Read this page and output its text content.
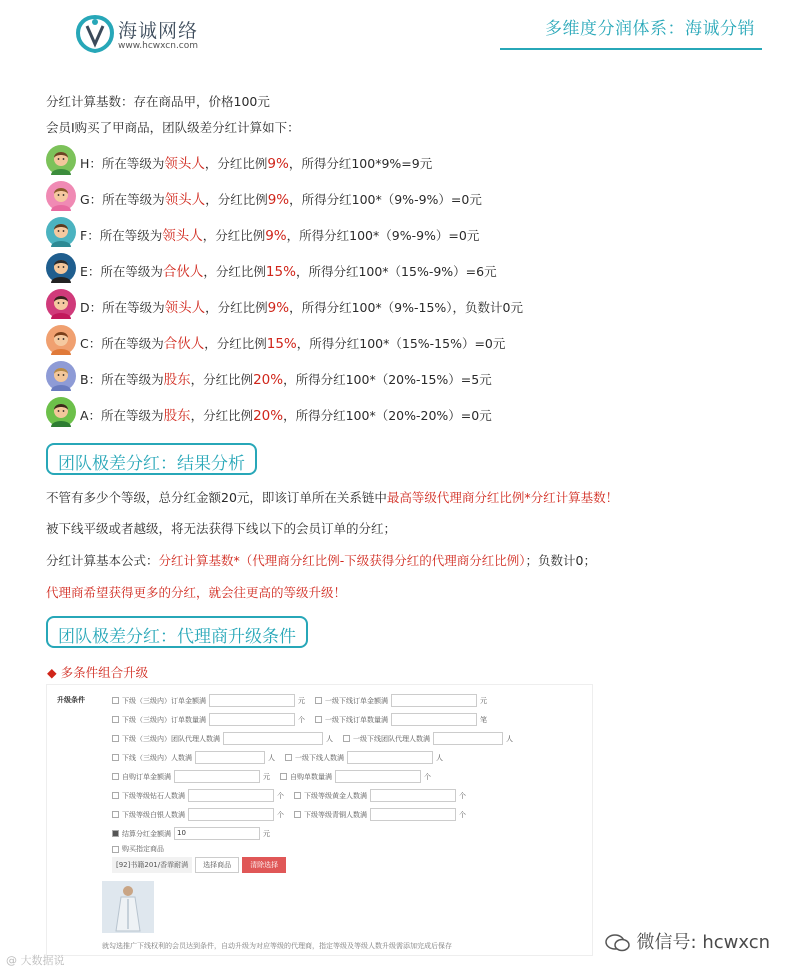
海诚网络
www.hcwxcn.com
多维度分润体系：海诚分销
分红计算基数：存在商品甲，价格100元
会员I购买了甲商品，团队级差分红计算如下：
H：所在等级为领头人，分红比例9%，所得分红100*9%=9元
G：所在等级为领头人，分红比例9%，所得分红100*（9%-9%）=0元
F：所在等级为领头人，分红比例9%，所得分红100*（9%-9%）=0元
E：所在等级为合伙人，分红比例15%，所得分红100*（15%-9%）=6元
D：所在等级为领头人，分红比例9%，所得分红100*（9%-15%），负数计0元
C：所在等级为合伙人，分红比例15%，所得分红100*（15%-15%）=0元
B：所在等级为股东，分红比例20%，所得分红100*（20%-15%）=5元
A：所在等级为股东，分红比例20%，所得分红100*（20%-20%）=0元
团队极差分红：结果分析
不管有多少个等级，总分红金额20元，即该订单所在关系链中最高等级代理商分红比例*分红计算基数！
被下线平级或者越级，将无法获得下线以下的会员订单的分红；
分红计算基本公式：分红计算基数*（代理商分红比例-下级获得分红的代理商分红比例）；负数计0；
代理商希望获得更多的分红，就会往更高的等级升级！
团队极差分红：代理商升级条件
◆ 多条件组合升级
升级条件	下级（三级内）订单金额满	元	一级下线订单金额满	元
下级（三级内）订单数量满	个	一级下线订单数量满	笔
下级（三级内）团队代理人数满	人	一级下线团队代理人数满	人
下线（三级内）人数满	人	一级下线人数满	人
自购订单金额满	元	自购单数量满	个
下级等级钻石人数满	个	下级等级黄金人数满	个
下级等级白银人数满	个	下级等级青铜人数满	个
结算分红金额满 10	元
购买指定商品
[92]书籍201/香霏耐满 选择商品	清除选择
就勾选推广下线权利的会员达到条件，自动升级为对应等级的代理商，指定等级及等级人数升级需添加完成后保存	微信号: hcwxcn
@ 大数据说
